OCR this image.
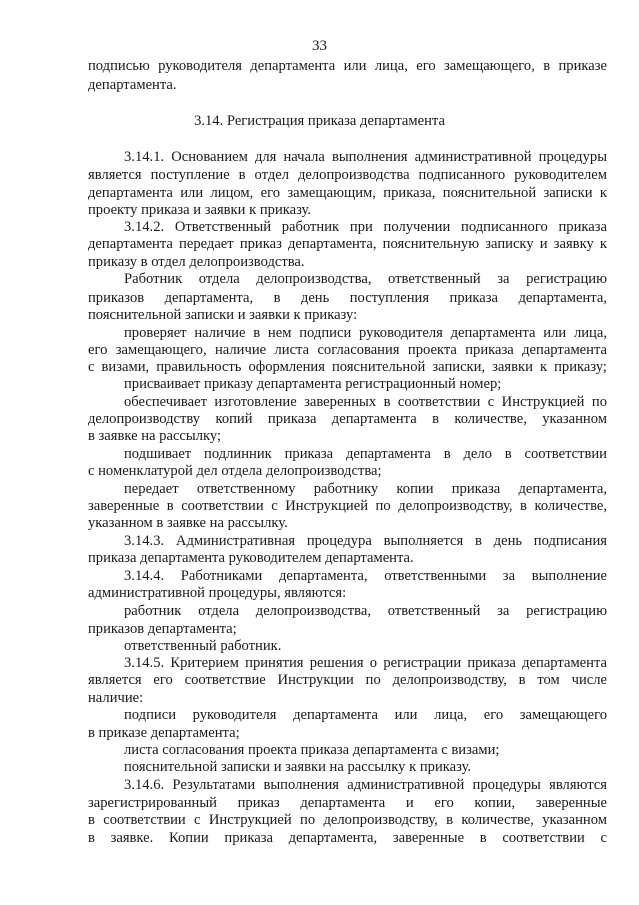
33
подписью руководителя департамента или лица, его замещающего, в приказе
департамента.
3.14. Регистрация приказа департамента
3.14.1. Основанием для начала выполнения административной процедуры
является поступление в отдел делопроизводства подписанного руководителем
департамента или лицом, его замещающим, приказа, пояснительной записки к
проекту приказа и заявки к приказу.
3.14.2. Ответственный работник при получении подписанного приказа
департамента передает приказ департамента, пояснительную записку и заявку к
приказу в отдел делопроизводства.
Работник отдела делопроизводства, ответственный за регистрацию
приказов департамента, в день поступления приказа департамента,
пояснительной записки и заявки к приказу:
проверяет наличие в нем подписи руководителя департамента или лица,
его замещающего, наличие листа согласования проекта приказа департамента
с визами, правильность оформления пояснительной записки, заявки к приказу;
присваивает приказу департамента регистрационный номер;
обеспечивает изготовление заверенных в соответствии с Инструкцией по
делопроизводству копий приказа департамента в количестве, указанном
в заявке на рассылку;
подшивает подлинник приказа департамента в дело в соответствии
с номенклатурой дел отдела делопроизводства;
передает ответственному работнику копии приказа департамента,
заверенные в соответствии с Инструкцией по делопроизводству, в количестве,
указанном в заявке на рассылку.
3.14.3. Административная процедура выполняется в день подписания
приказа департамента руководителем департамента.
3.14.4. Работниками департамента, ответственными за выполнение
административной процедуры, являются:
работник отдела делопроизводства, ответственный за регистрацию
приказов департамента;
ответственный работник.
3.14.5. Критерием принятия решения о регистрации приказа департамента
является его соответствие Инструкции по делопроизводству, в том числе
наличие:
подписи руководителя департамента или лица, его замещающего
в приказе департамента;
листа согласования проекта приказа департамента с визами;
пояснительной записки и заявки на рассылку к приказу.
3.14.6. Результатами выполнения административной процедуры являются
зарегистрированный приказ департамента и его копии, заверенные
в соответствии с Инструкцией по делопроизводству, в количестве, указанном
в заявке. Копии приказа департамента, заверенные в соответствии с
